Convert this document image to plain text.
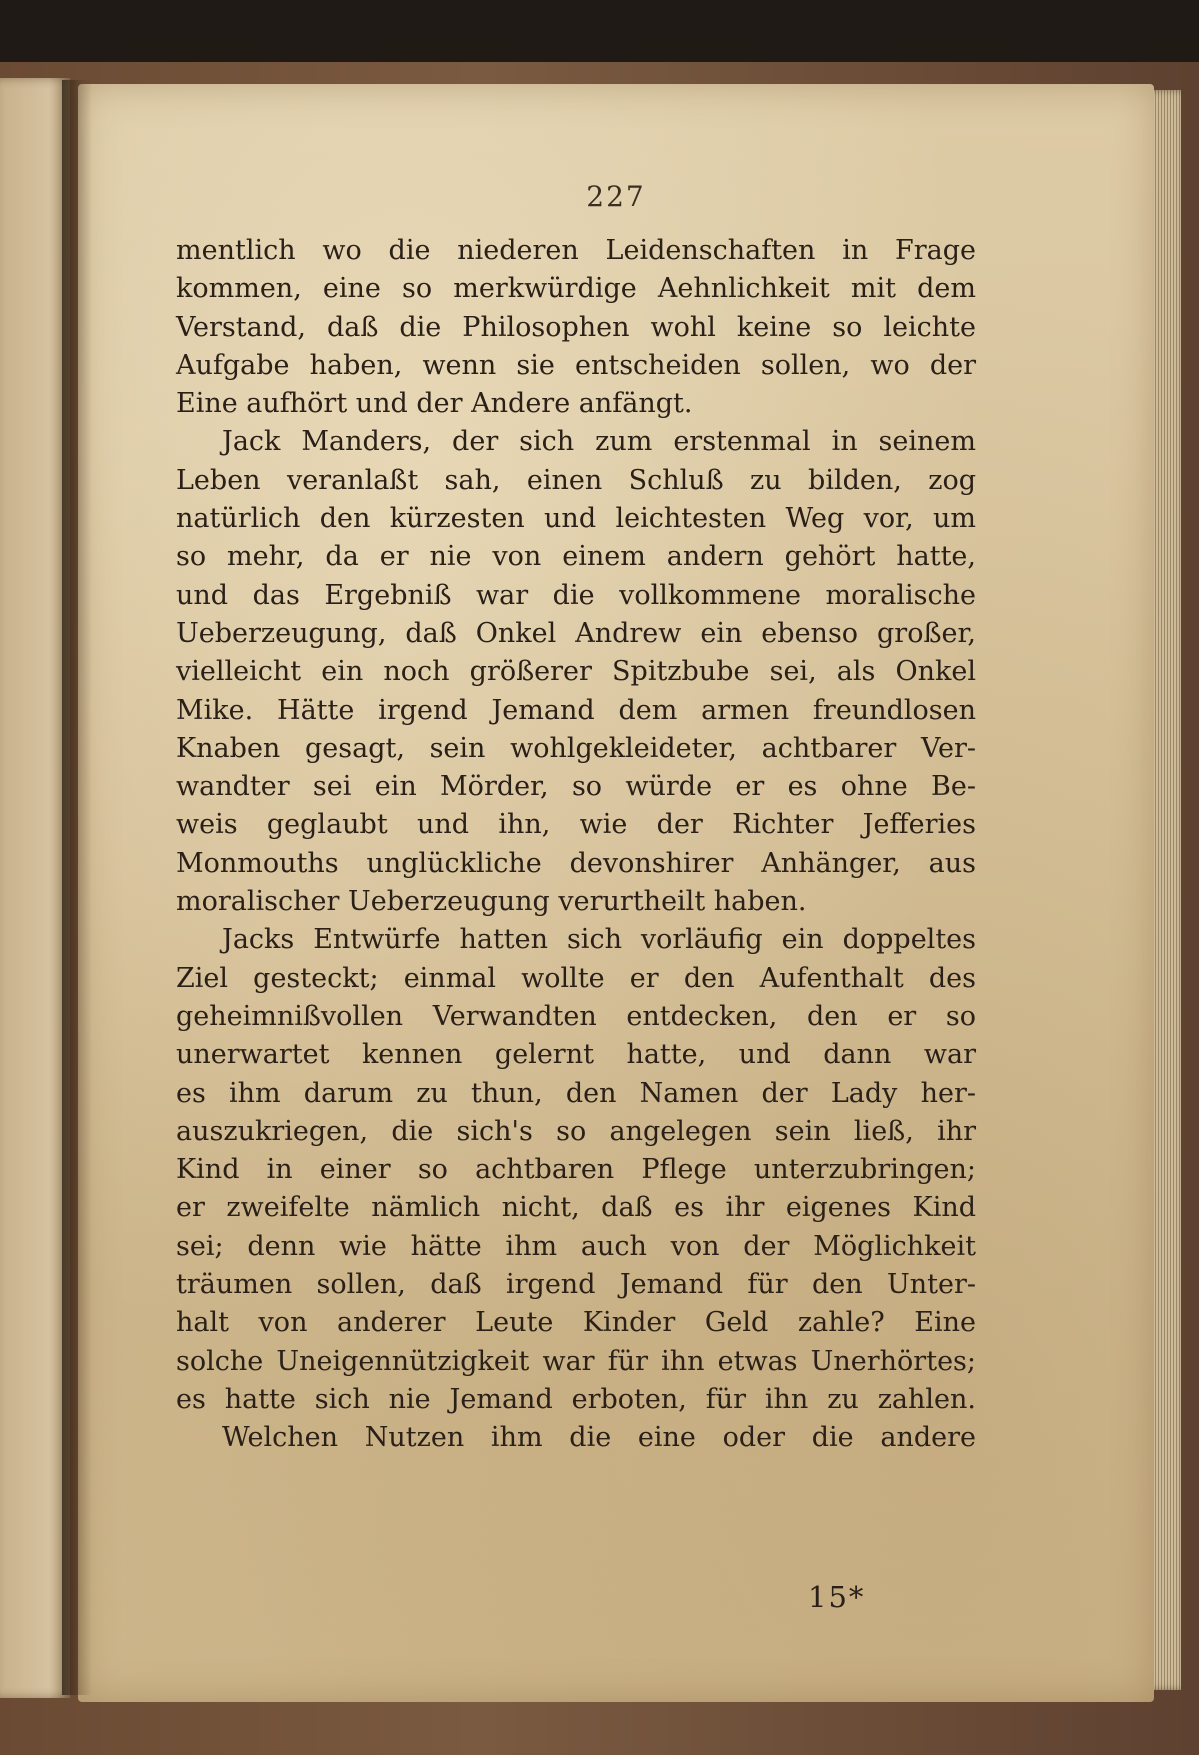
227
mentlich wo die niederen Leidenschaften in Frage
kommen, eine so merkwürdige Aehnlichkeit mit dem
Verstand, daß die Philosophen wohl keine so leichte
Aufgabe haben, wenn sie entscheiden sollen, wo der
Eine aufhört und der Andere anfängt.
Jack Manders, der sich zum erstenmal in seinem
Leben veranlaßt sah, einen Schluß zu bilden, zog
natürlich den kürzesten und leichtesten Weg vor, um
so mehr, da er nie von einem andern gehört hatte,
und das Ergebniß war die vollkommene moralische
Ueberzeugung, daß Onkel Andrew ein ebenso großer,
vielleicht ein noch größerer Spitzbube sei, als Onkel
Mike. Hätte irgend Jemand dem armen freundlosen
Knaben gesagt, sein wohlgekleideter, achtbarer Ver-
wandter sei ein Mörder, so würde er es ohne Be-
weis geglaubt und ihn, wie der Richter Jefferies
Monmouths unglückliche devonshirer Anhänger, aus
moralischer Ueberzeugung verurtheilt haben.
Jacks Entwürfe hatten sich vorläufig ein doppeltes
Ziel gesteckt; einmal wollte er den Aufenthalt des
geheimnißvollen Verwandten entdecken, den er so
unerwartet kennen gelernt hatte, und dann war
es ihm darum zu thun, den Namen der Lady her-
auszukriegen, die sich's so angelegen sein ließ, ihr
Kind in einer so achtbaren Pflege unterzubringen;
er zweifelte nämlich nicht, daß es ihr eigenes Kind
sei; denn wie hätte ihm auch von der Möglichkeit
träumen sollen, daß irgend Jemand für den Unter-
halt von anderer Leute Kinder Geld zahle? Eine
solche Uneigennützigkeit war für ihn etwas Unerhörtes;
es hatte sich nie Jemand erboten, für ihn zu zahlen.
Welchen Nutzen ihm die eine oder die andere
15*
